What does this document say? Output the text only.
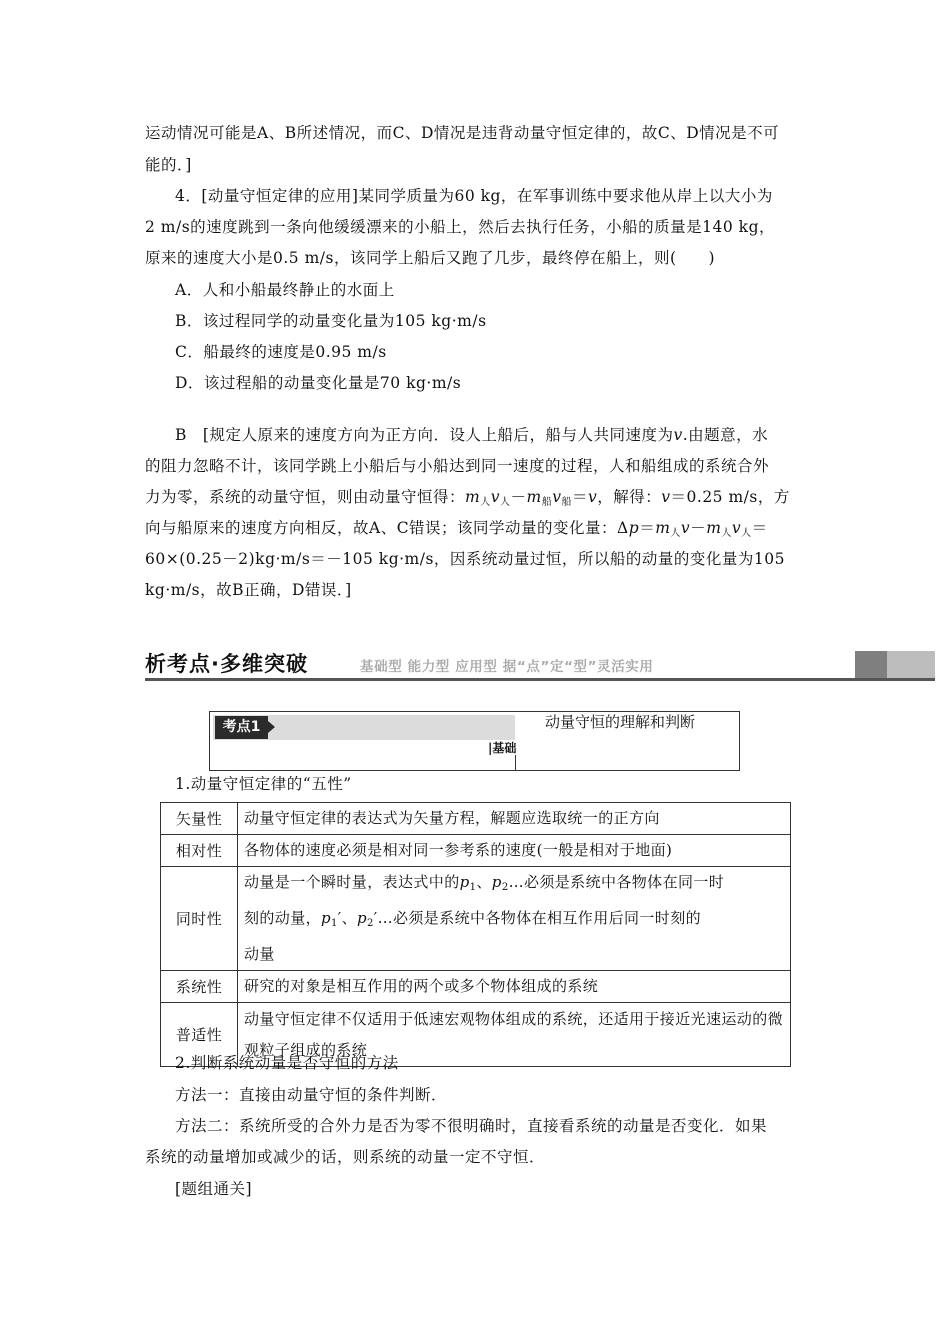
运动情况可能是A、B所述情况，而C、D情况是违背动量守恒定律的，故C、D情况是不可
能的．]
4．[动量守恒定律的应用]某同学质量为60 kg，在军事训练中要求他从岸上以大小为
2 m/s的速度跳到一条向他缓缓漂来的小船上，然后去执行任务，小船的质量是140 kg，
原来的速度大小是0.5 m/s，该同学上船后又跑了几步，最终停在船上，则(　　)
A．人和小船最终静止的水面上
B．该过程同学的动量变化量为105 kg·m/s
C．船最终的速度是0.95 m/s
D．该过程船的动量变化量是70 kg·m/s
B　[规定人原来的速度方向为正方向．设人上船后，船与人共同速度为v.由题意，水
的阻力忽略不计，该同学跳上小船后与小船达到同一速度的过程，人和船组成的系统合外
力为零，系统的动量守恒，则由动量守恒得：$m_人v_人-m_船v_船=v$，解得：v＝0.25 m/s，方
向与船原来的速度方向相反，故A、C错误；该同学动量的变化量：$\Delta p=m_人v-m_人v_人=$
60×(0.25－2)kg·m/s＝－105 kg·m/s，因系统动量过恒，所以船的动量的变化量为105
kg·m/s，故B正确，D错误．]
析考点·多维突破	基础型 能力型 应用型 据“点”定“型”灵活实用
考点1	动量守恒的理解和判断
|基础
1.动量守恒定律的“五性”
矢量性	动量守恒定律的表达式为矢量方程，解题应选取统一的正方向
相对性	各物体的速度必须是相对同一参考系的速度(一般是相对于地面)
同时性	动量是一个瞬时量，表达式中的$p_1$、$p_2\dots$必须是系统中各物体在同一时
刻的动量，$p_1'$、$p_2'\dots$必须是系统中各物体在相互作用后同一时刻的
动量
系统性	研究的对象是相互作用的两个或多个物体组成的系统
普适性	动量守恒定律不仅适用于低速宏观物体组成的系统，还适用于接近光速运动的微观粒子组成的系统
2.判断系统动量是否守恒的方法
方法一：直接由动量守恒的条件判断．
方法二：系统所受的合外力是否为零不很明确时，直接看系统的动量是否变化．如果
系统的动量增加或减少的话，则系统的动量一定不守恒．
[题组通关]
